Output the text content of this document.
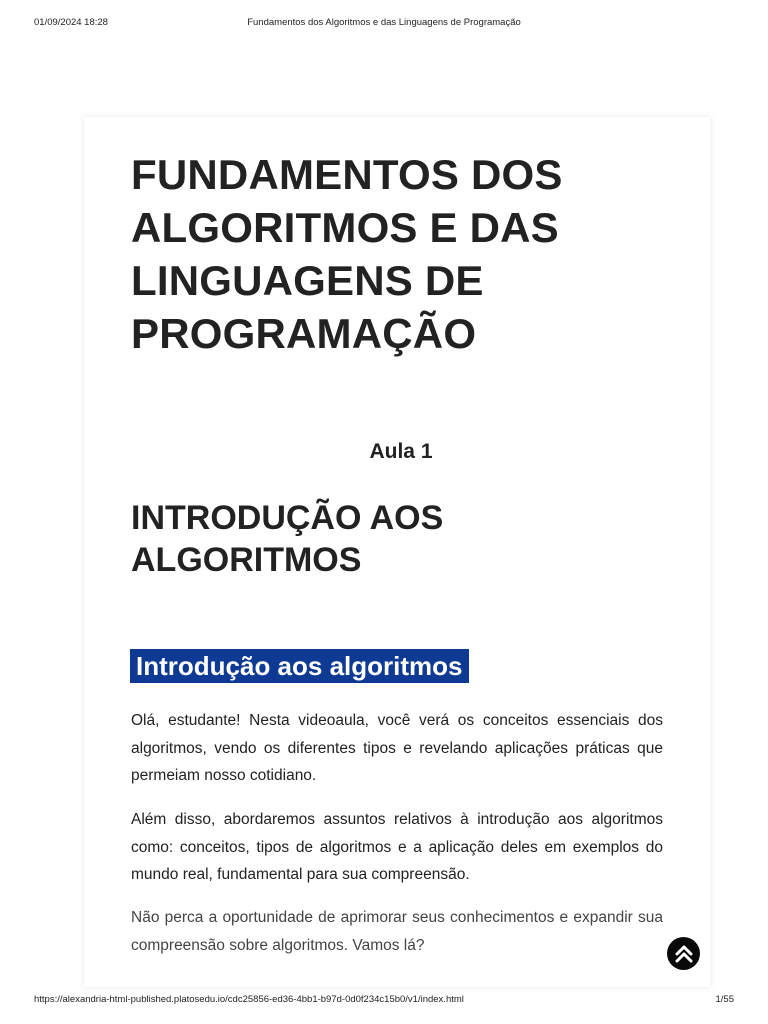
01/09/2024 18:28	Fundamentos dos Algoritmos e das Linguagens de Programação
FUNDAMENTOS DOS ALGORITMOS E DAS LINGUAGENS DE PROGRAMAÇÃO
Aula 1
INTRODUÇÃO AOS ALGORITMOS
Introdução aos algoritmos

Olá, estudante! Nesta videoaula, você verá os conceitos essenciais dos algoritmos, vendo os diferentes tipos e revelando aplicações práticas que permeiam nosso cotidiano.

Além disso, abordaremos assuntos relativos à introdução aos algoritmos como: conceitos, tipos de algoritmos e a aplicação deles em exemplos do mundo real, fundamental para sua compreensão.

Não perca a oportunidade de aprimorar seus conhecimentos e expandir sua compreensão sobre algoritmos. Vamos lá?

https://alexandria-html-published.platosedu.io/cdc25856-ed36-4bb1-b97d-0d0f234c15b0/v1/index.html	1/55
